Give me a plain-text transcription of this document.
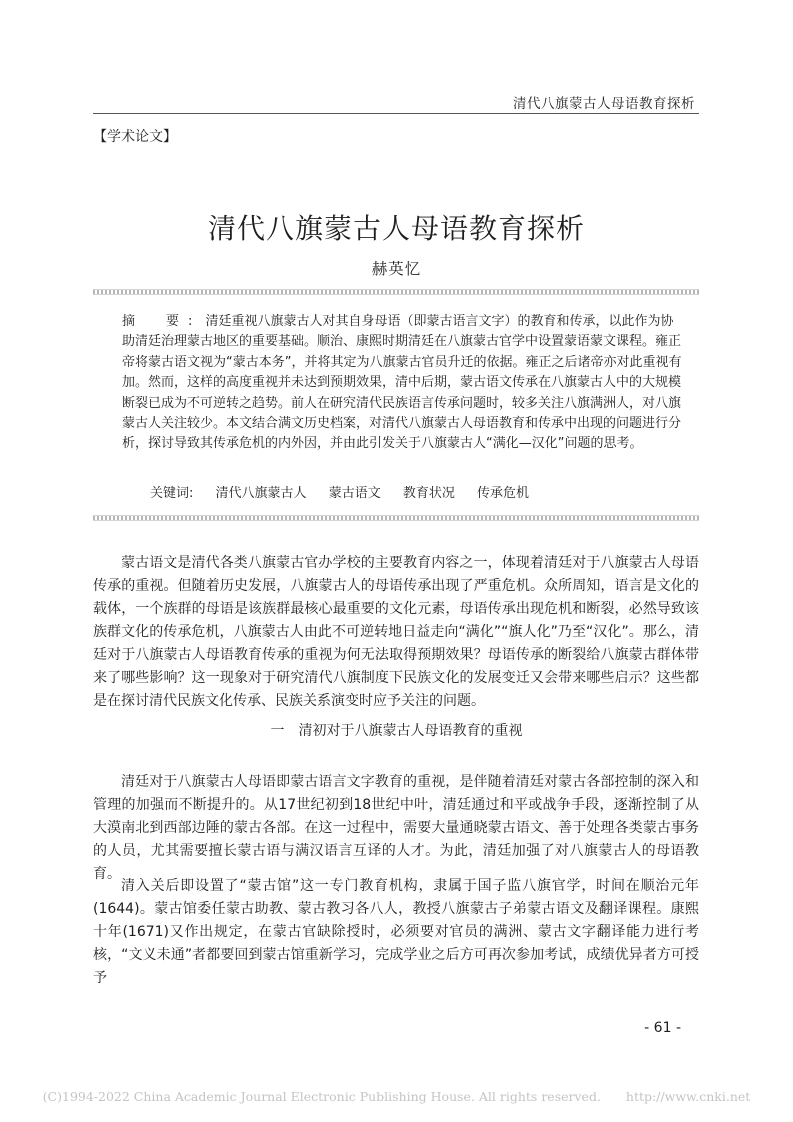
清代八旗蒙古人母语教育探析
【学术论文】
清代八旗蒙古人母语教育探析
赫英忆
摘　要: 清廷重视八旗蒙古人对其自身母语（即蒙古语言文字）的教育和传承，以此作为协助清廷治理蒙古地区的重要基础。顺治、康熙时期清廷在八旗蒙古官学中设置蒙语蒙文课程。雍正帝将蒙古语文视为“蒙古本务”，并将其定为八旗蒙古官员升迁的依据。雍正之后诸帝亦对此重视有加。然而，这样的高度重视并未达到预期效果，清中后期，蒙古语文传承在八旗蒙古人中的大规模断裂已成为不可逆转之趋势。前人在研究清代民族语言传承问题时，较多关注八旗满洲人，对八旗蒙古人关注较少。本文结合满文历史档案，对清代八旗蒙古人母语教育和传承中出现的问题进行分析，探讨导致其传承危机的内外因，并由此引发关于八旗蒙古人“满化—汉化”问题的思考。
关键词: 清代八旗蒙古人 蒙古语文 教育状况 传承危机

蒙古语文是清代各类八旗蒙古官办学校的主要教育内容之一，体现着清廷对于八旗蒙古人母语传承的重视。但随着历史发展，八旗蒙古人的母语传承出现了严重危机。众所周知，语言是文化的载体，一个族群的母语是该族群最核心最重要的文化元素，母语传承出现危机和断裂，必然导致该族群文化的传承危机，八旗蒙古人由此不可逆转地日益走向“满化”“旗人化”乃至“汉化”。那么，清廷对于八旗蒙古人母语教育传承的重视为何无法取得预期效果？母语传承的断裂给八旗蒙古群体带来了哪些影响？这一现象对于研究清代八旗制度下民族文化的发展变迁又会带来哪些启示？这些都是在探讨清代民族文化传承、民族关系演变时应予关注的问题。

一　清初对于八旗蒙古人母语教育的重视

清廷对于八旗蒙古人母语即蒙古语言文字教育的重视，是伴随着清廷对蒙古各部控制的深入和管理的加强而不断提升的。从17世纪初到18世纪中叶，清廷通过和平或战争手段，逐渐控制了从大漠南北到西部边陲的蒙古各部。在这一过程中，需要大量通晓蒙古语文、善于处理各类蒙古事务的人员，尤其需要擅长蒙古语与满汉语言互译的人才。为此，清廷加强了对八旗蒙古人的母语教育。

清入关后即设置了“蒙古馆”这一专门教育机构，隶属于国子监八旗官学，时间在顺治元年(1644)。蒙古馆委任蒙古助教、蒙古教习各八人，教授八旗蒙古子弟蒙古语文及翻译课程。康熙十年(1671)又作出规定，在蒙古官缺除授时，必须要对官员的满洲、蒙古文字翻译能力进行考核，“文义未通”者都要回到蒙古馆重新学习，完成学业之后方可再次参加考试，成绩优异者方可授予

- 61 -
(C)1994-2022 China Academic Journal Electronic Publishing House. All rights reserved.　　http://www.cnki.net
